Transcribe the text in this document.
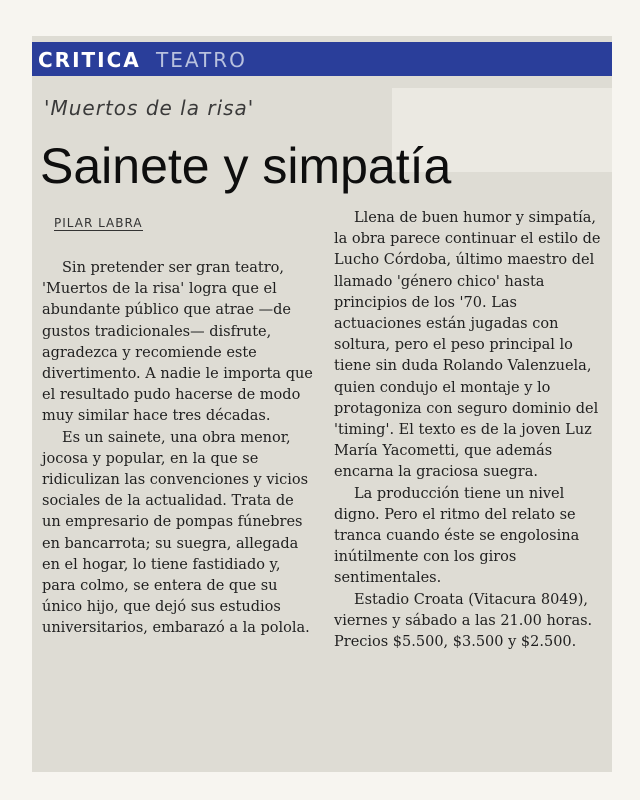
CRITICA TEATRO
'Muertos de la risa'
Sainete y simpatía
PILAR LABRA

Sin pretender ser gran teatro, 'Muertos de la risa' logra que el abundante público que atrae —de gustos tradicionales— disfrute, agradezca y recomiende este divertimento. A nadie le importa que el resultado pudo hacerse de modo muy similar hace tres décadas.

Es un sainete, una obra menor, jocosa y popular, en la que se ridiculizan las convenciones y vicios sociales de la actualidad. Trata de un empresario de pompas fúnebres en bancarrota; su suegra, allegada en el hogar, lo tiene fastidiado y, para colmo, se entera de que su único hijo, que dejó sus estudios universitarios, embarazó a la polola.

Llena de buen humor y simpatía, la obra parece continuar el estilo de Lucho Córdoba, último maestro del llamado 'género chico' hasta principios de los '70. Las actuaciones están jugadas con soltura, pero el peso principal lo tiene sin duda Rolando Valenzuela, quien condujo el montaje y lo protagoniza con seguro dominio del 'timing'. El texto es de la joven Luz María Yacometti, que además encarna la graciosa suegra.

La producción tiene un nivel digno. Pero el ritmo del relato se tranca cuando éste se engolosina inútilmente con los giros sentimentales.

Estadio Croata (Vitacura 8049), viernes y sábado a las 21.00 horas. Precios $5.500, $3.500 y $2.500.
